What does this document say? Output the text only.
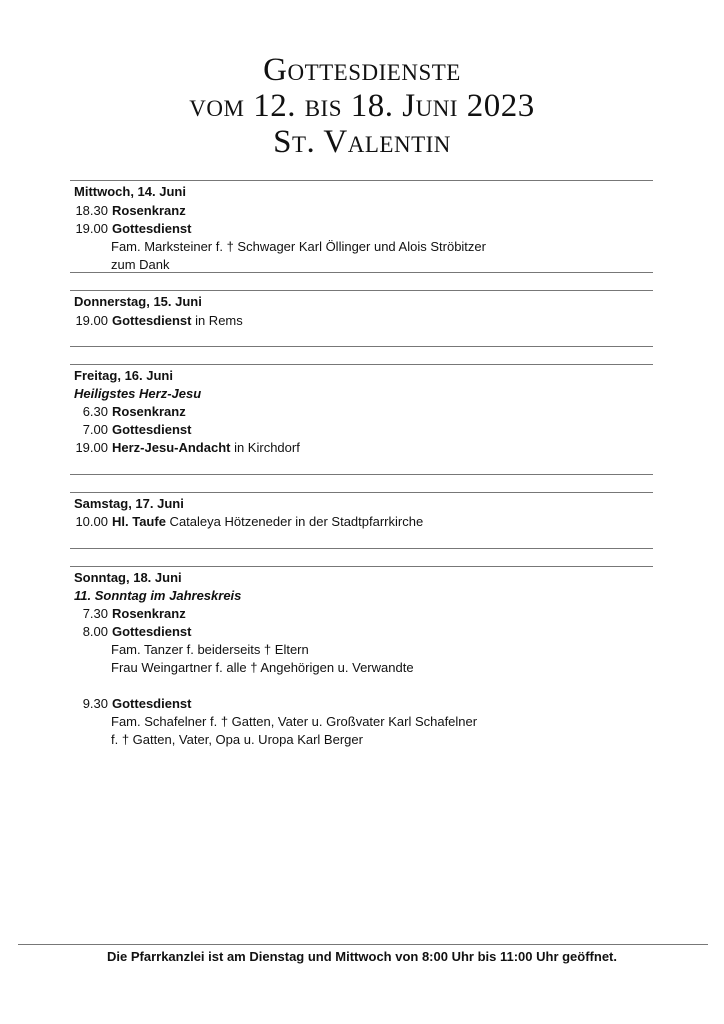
Gottesdienste
vom 12. bis 18. Juni 2023
St. Valentin
Mittwoch, 14. Juni
18.30 Rosenkranz
19.00 Gottesdienst
Fam. Marksteiner f. † Schwager Karl Öllinger und Alois Ströbitzer
zum Dank
Donnerstag, 15. Juni
19.00 Gottesdienst in Rems
Freitag, 16. Juni
Heiligstes Herz-Jesu
6.30 Rosenkranz
7.00 Gottesdienst
19.00 Herz-Jesu-Andacht in Kirchdorf
Samstag, 17. Juni
10.00 Hl. Taufe Cataleya Hötzeneder in der Stadtpfarrkirche
Sonntag, 18. Juni
11. Sonntag im Jahreskreis
7.30 Rosenkranz
8.00 Gottesdienst
Fam. Tanzer f. beiderseits † Eltern
Frau Weingartner f. alle † Angehörigen u. Verwandte
9.30 Gottesdienst
Fam. Schafelner f. † Gatten, Vater u. Großvater Karl Schafelner
f. † Gatten, Vater, Opa u. Uropa Karl Berger
Die Pfarrkanzlei ist am Dienstag und Mittwoch von 8:00 Uhr bis 11:00 Uhr geöffnet.
